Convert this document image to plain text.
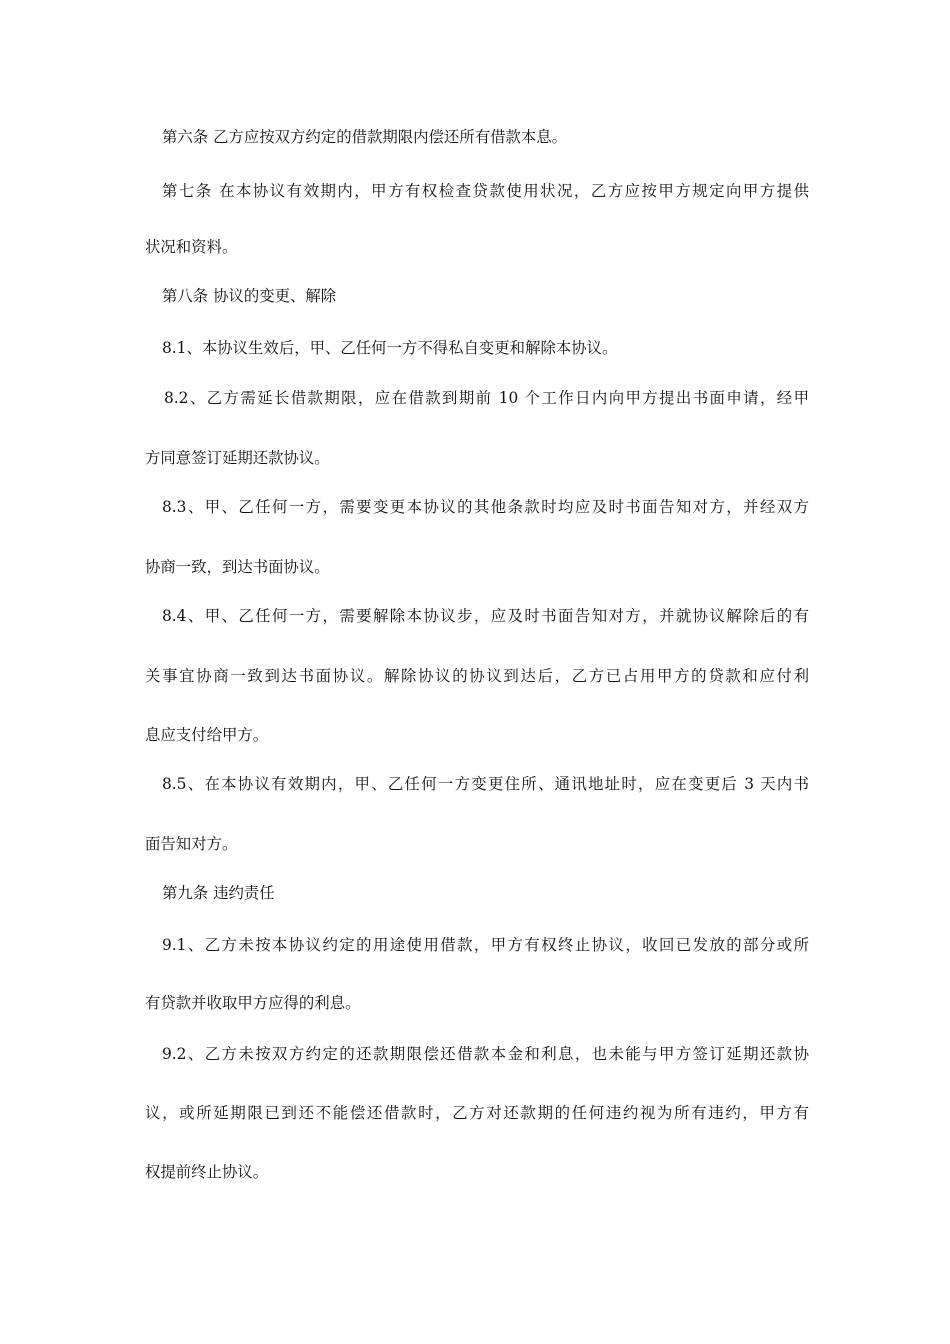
第六条 乙方应按双方约定的借款期限内偿还所有借款本息。
第七条 在本协议有效期内，甲方有权检查贷款使用状况，乙方应按甲方规定向甲方提供
状况和资料。
第八条 协议的变更、解除
8.1、本协议生效后，甲、乙任何一方不得私自变更和解除本协议。
8.2、乙方需延长借款期限，应在借款到期前 10 个工作日内向甲方提出书面申请，经甲
方同意签订延期还款协议。
8.3、甲、乙任何一方，需要变更本协议的其他条款时均应及时书面告知对方，并经双方
协商一致，到达书面协议。
8.4、甲、乙任何一方，需要解除本协议步，应及时书面告知对方，并就协议解除后的有
关事宜协商一致到达书面协议。解除协议的协议到达后，乙方已占用甲方的贷款和应付利
息应支付给甲方。
8.5、在本协议有效期内，甲、乙任何一方变更住所、通讯地址时，应在变更后 3 天内书
面告知对方。
第九条 违约责任
9.1、乙方未按本协议约定的用途使用借款，甲方有权终止协议，收回已发放的部分或所
有贷款并收取甲方应得的利息。
9.2、乙方未按双方约定的还款期限偿还借款本金和利息，也未能与甲方签订延期还款协
议，或所延期限已到还不能偿还借款时，乙方对还款期的任何违约视为所有违约，甲方有
权提前终止协议。
